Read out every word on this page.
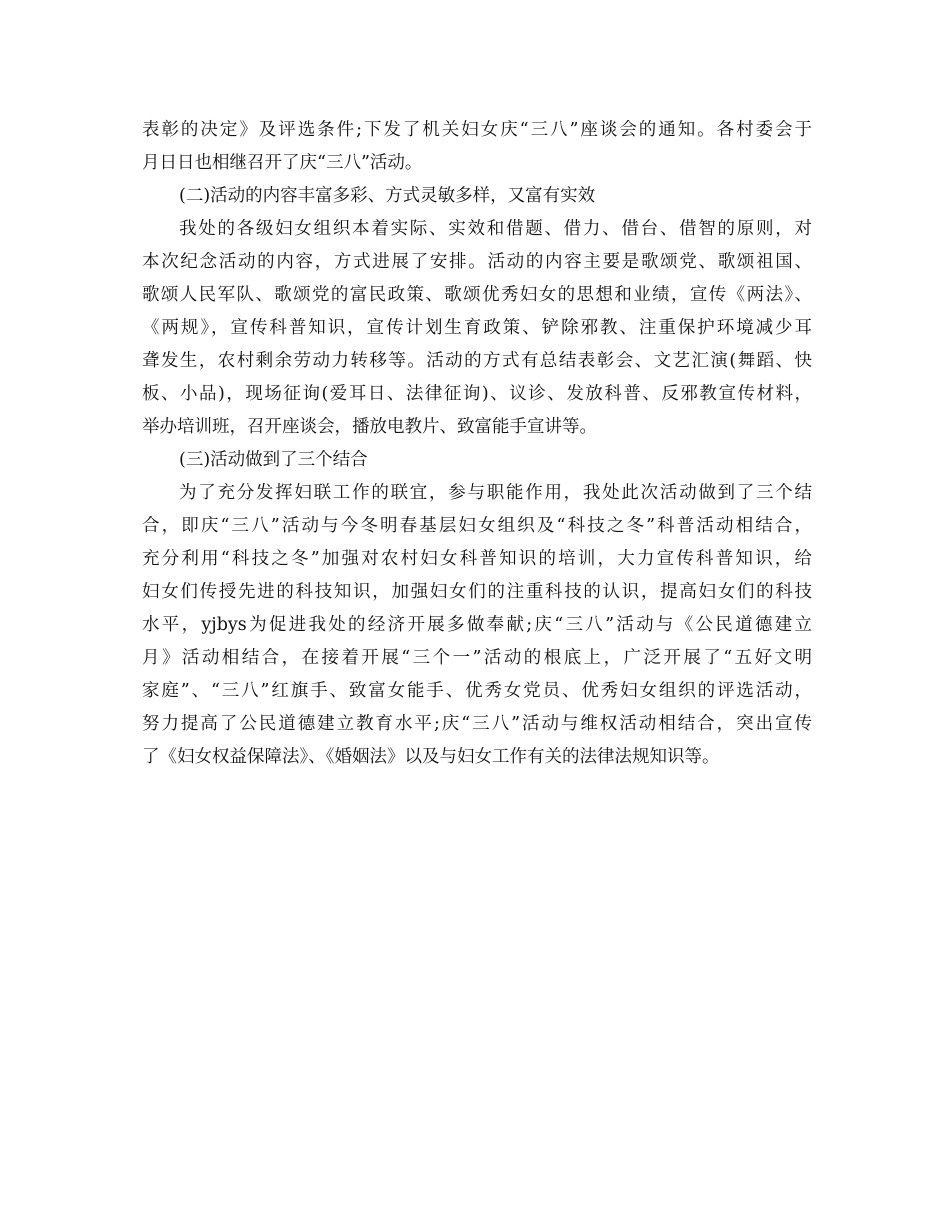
表彰的决定》及评选条件;下发了机关妇女庆“三八”座谈会的通知。各村委会于
月日日也相继召开了庆“三八”活动。
(二)活动的内容丰富多彩、方式灵敏多样，又富有实效
我处的各级妇女组织本着实际、实效和借题、借力、借台、借智的原则，对
本次纪念活动的内容，方式进展了安排。活动的内容主要是歌颂党、歌颂祖国、
歌颂人民军队、歌颂党的富民政策、歌颂优秀妇女的思想和业绩，宣传《两法》、
《两规》，宣传科普知识，宣传计划生育政策、铲除邪教、注重保护环境减少耳
聋发生，农村剩余劳动力转移等。活动的方式有总结表彰会、文艺汇演(舞蹈、快
板、小品)，现场征询(爱耳日、法律征询)、议诊、发放科普、反邪教宣传材料，
举办培训班，召开座谈会，播放电教片、致富能手宣讲等。
(三)活动做到了三个结合
为了充分发挥妇联工作的联宜，参与职能作用，我处此次活动做到了三个结
合，即庆“三八”活动与今冬明春基层妇女组织及“科技之冬”科普活动相结合，
充分利用“科技之冬”加强对农村妇女科普知识的培训，大力宣传科普知识，给
妇女们传授先进的科技知识，加强妇女们的注重科技的认识，提高妇女们的科技
水平，yjbys为促进我处的经济开展多做奉献;庆“三八”活动与《公民道德建立
月》活动相结合，在接着开展“三个一”活动的根底上，广泛开展了“五好文明
家庭”、“三八”红旗手、致富女能手、优秀女党员、优秀妇女组织的评选活动，
努力提高了公民道德建立教育水平;庆“三八”活动与维权活动相结合，突出宣传
了《妇女权益保障法》、《婚姻法》以及与妇女工作有关的法律法规知识等。
